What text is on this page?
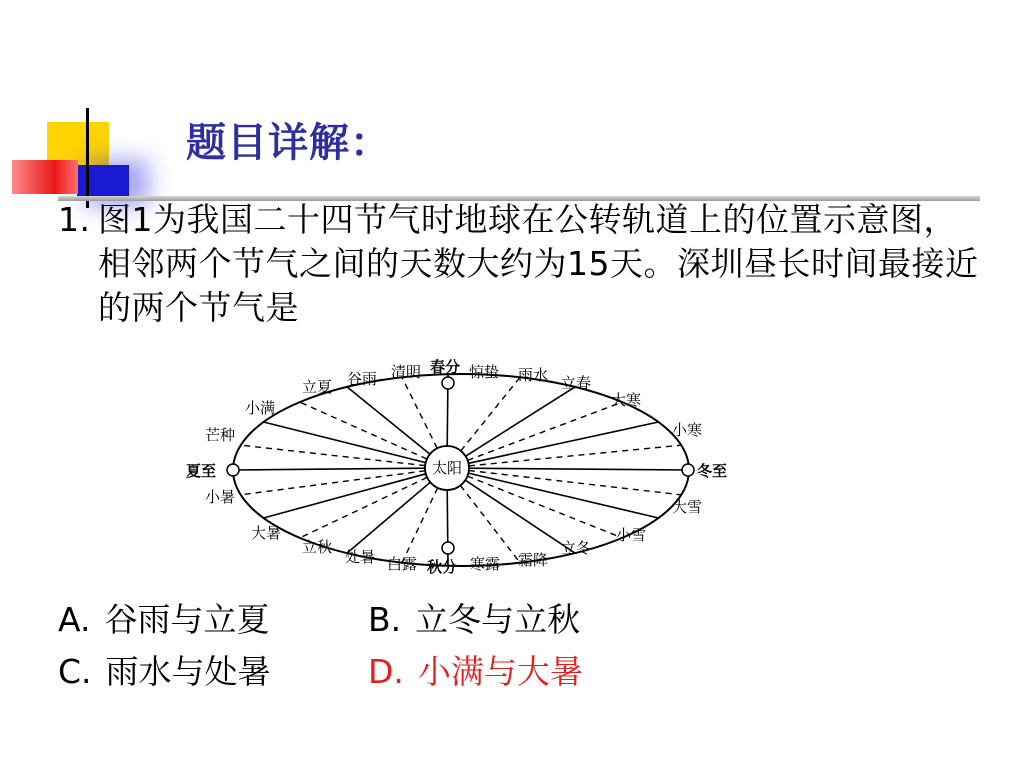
题目详解：
1. 图1为我国二十四节气时地球在公转轨道上的位置示意图，相邻两个节气之间的天数大约为15天。深圳昼长时间最接近的两个节气是
太阳
春分 惊蛰 雨水 立春
大寒
小寒
冬至
大雪
小雪
立冬
霜降
寒露
秋分
白露
处暑
立秋
大暑
小暑
夏至
芒种
小满
立夏 谷雨 清明
A. 谷雨与立夏	B. 立冬与立秋
C. 雨水与处暑	D. 小满与大暑
